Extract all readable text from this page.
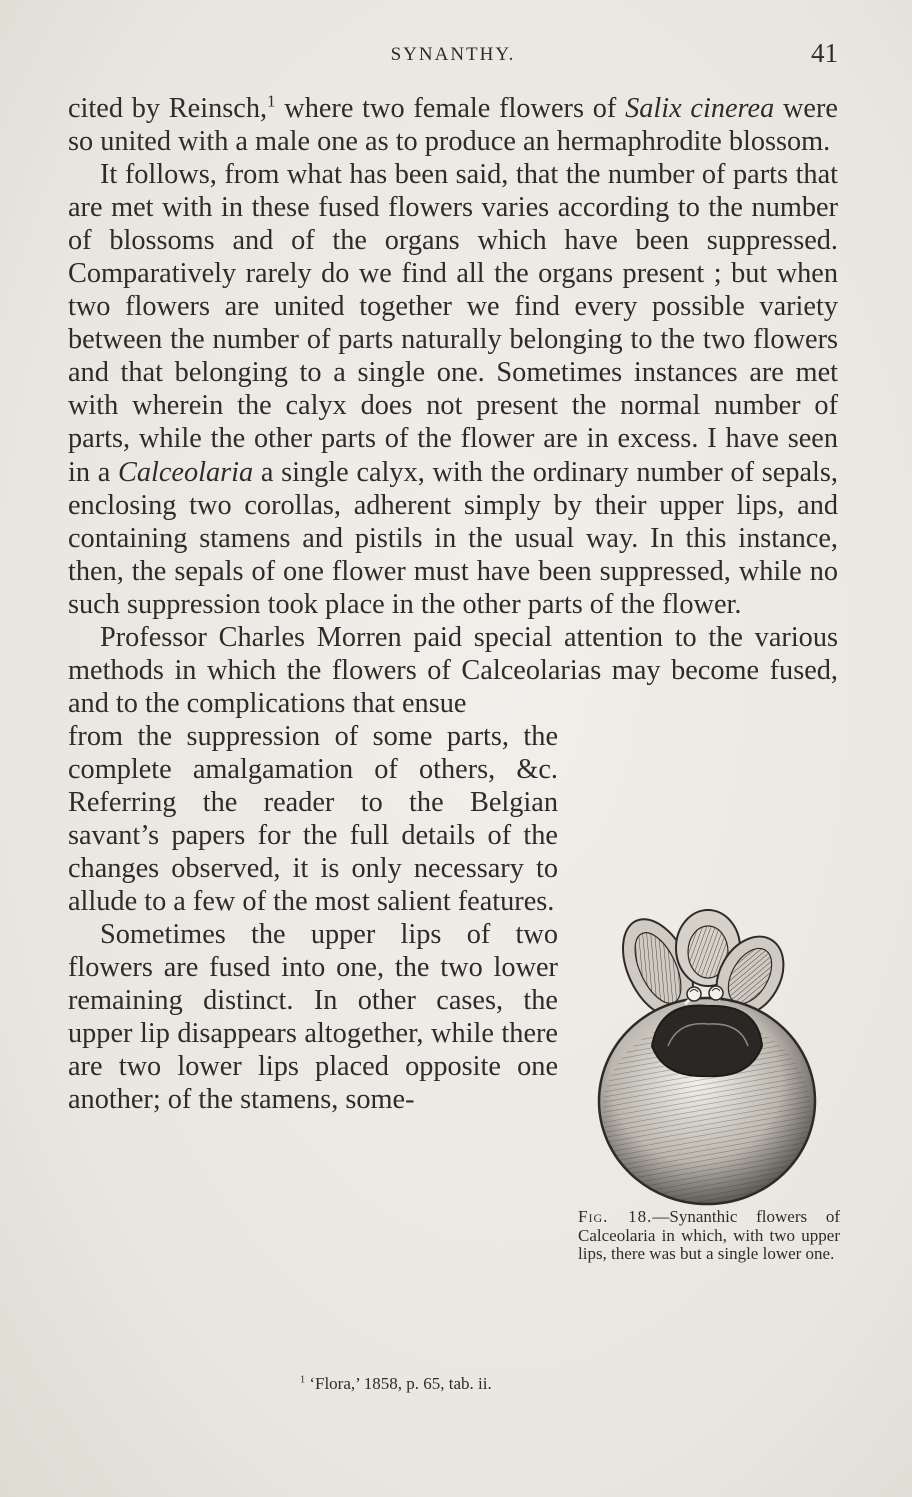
SYNANTHY.	41

cited by Reinsch,$^1$ where two female flowers of Salix cinerea were so united with a male one as to produce an hermaphrodite blossom.

It follows, from what has been said, that the number of parts that are met with in these fused flowers varies according to the number of blossoms and of the organs which have been suppressed. Comparatively rarely do we find all the organs present ; but when two flowers are united together we find every possible variety between the number of parts naturally belonging to the two flowers and that belonging to a single one. Sometimes instances are met with wherein the calyx does not present the normal number of parts, while the other parts of the flower are in excess. I have seen in a Calceolaria a single calyx, with the ordinary number of sepals, enclosing two corollas, adherent simply by their upper lips, and containing stamens and pistils in the usual way. In this instance, then, the sepals of one flower must have been suppressed, while no such suppression took place in the other parts of the flower.

Professor Charles Morren paid special attention to the various methods in which the flowers of Calceolarias may become fused, and to the complications that ensue

from the suppression of some parts, the complete amalgamation of others, &c. Referring the reader to the Belgian savant’s papers for the full details of the changes observed, it is only necessary to allude to a few of the most salient features.

Sometimes the upper lips of two flowers are fused into one, the two lower remaining distinct. In other cases, the upper lip disappears altogether, while there are two lower lips placed opposite one another; of the stamens, some-

Fig. 18.—Synanthic flowers of Calceolaria in which, with two upper lips, there was but a single lower one.
$^1$ ‘Flora,’ 1858, p. 65, tab. ii.
